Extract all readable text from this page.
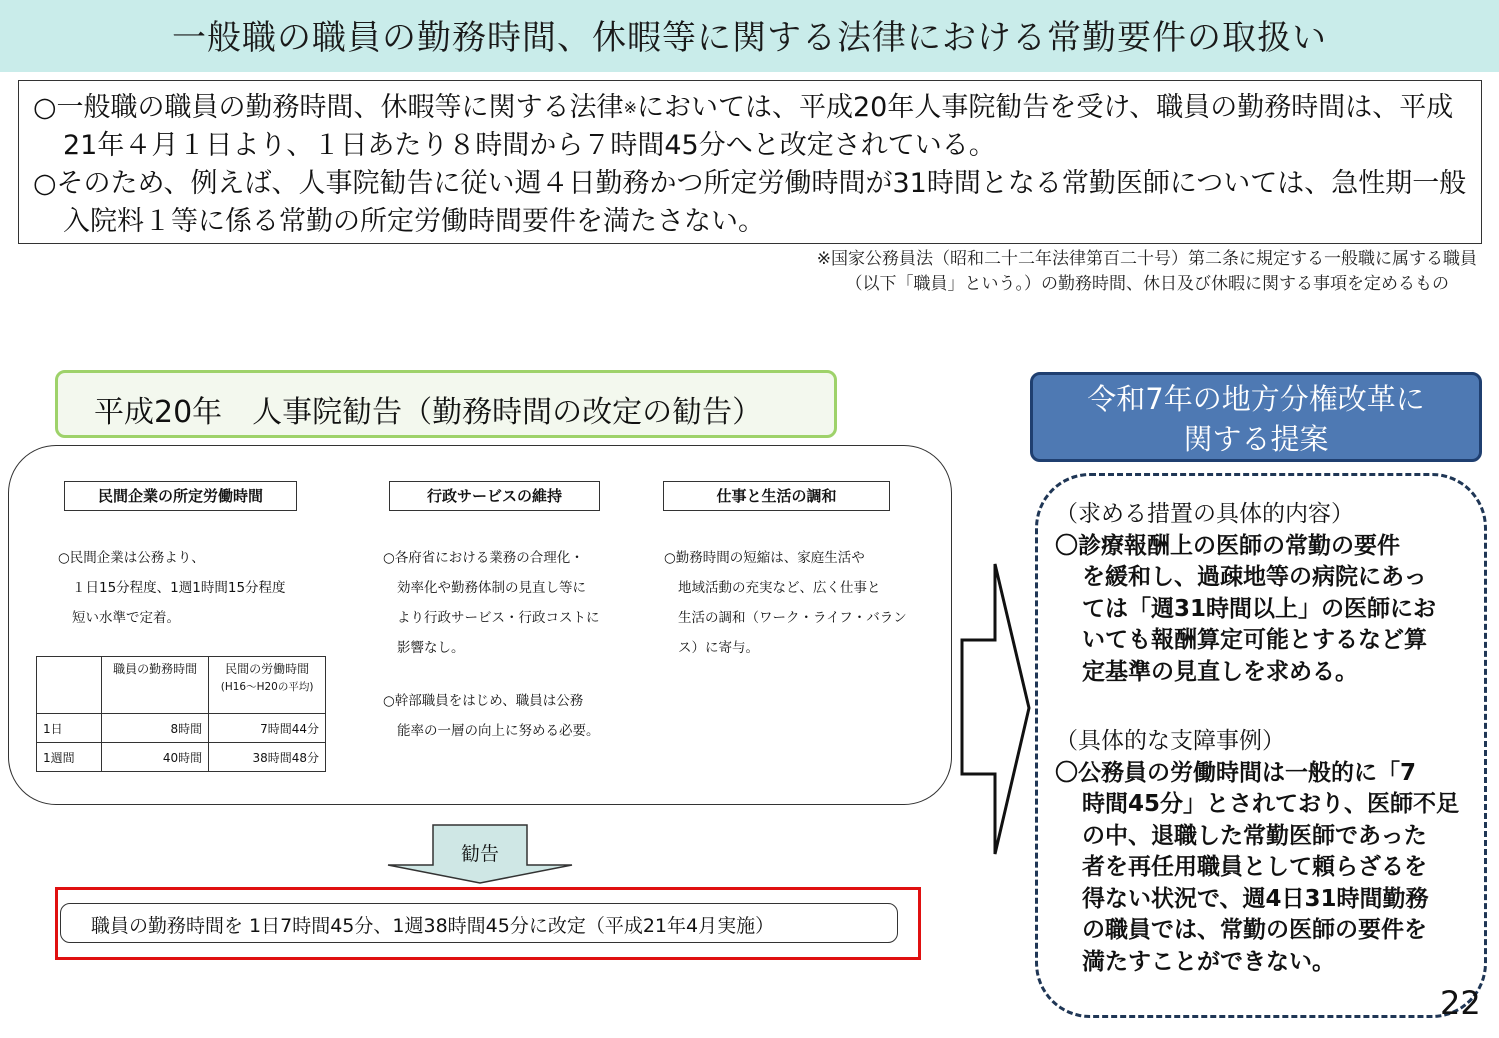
一般職の職員の勤務時間、休暇等に関する法律における常勤要件の取扱い
○一般職の職員の勤務時間、休暇等に関する法律※においては、平成20年人事院勧告を受け、職員の勤務時間は、平成21年４月１日より、１日あたり８時間から７時間45分へと改定されている。
○そのため、例えば、人事院勧告に従い週４日勤務かつ所定労働時間が31時間となる常勤医師については、急性期一般入院料１等に係る常勤の所定労働時間要件を満たさない。
※国家公務員法（昭和二十二年法律第百二十号）第二条に規定する一般職に属する職員
（以下「職員」という。）の勤務時間、休日及び休暇に関する事項を定めるもの
平成20年　人事院勧告（勤務時間の改定の勧告）
民間企業の所定労働時間
○民間企業は公務より、
１日15分程度、1週1時間15分程度
短い水準で定着。
	職員の勤務時間	民間の労働時間
(H16〜H20の平均)
1日	8時間	7時間44分
1週間	40時間	38時間48分
行政サービスの維持
○各府省における業務の合理化・
効率化や勤務体制の見直し等に
より行政サービス・行政コストに
影響なし。
○幹部職員をはじめ、職員は公務
能率の一層の向上に努める必要。
仕事と生活の調和
○勤務時間の短縮は、家庭生活や
地域活動の充実など、広く仕事と
生活の調和（ワーク・ライフ・バラン
ス）に寄与。
勧告
職員の勤務時間を 1日7時間45分、1週38時間45分に改定（平成21年4月実施）
令和7年の地方分権改革に
関する提案
（求める措置の具体的内容）
〇診療報酬上の医師の常勤の要件
を緩和し、過疎地等の病院にあっ
ては「週31時間以上」の医師にお
いても報酬算定可能とするなど算
定基準の見直しを求める。
（具体的な支障事例）
〇公務員の労働時間は一般的に「7
時間45分」とされており、医師不足
の中、退職した常勤医師であった
者を再任用職員として頼らざるを
得ない状況で、週4日31時間勤務
の職員では、常勤の医師の要件を
満たすことができない。
22
